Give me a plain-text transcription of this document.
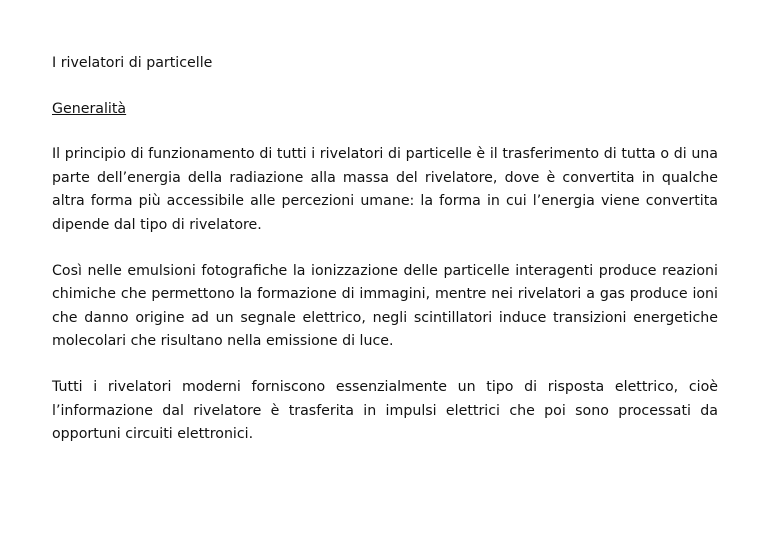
I rivelatori di particelle
Generalità

Il principio di funzionamento di tutti i rivelatori di particelle è il trasferimento di tutta o di una parte dell’energia della radiazione alla massa del rivelatore, dove è convertita in qualche altra forma più accessibile alle percezioni umane: la forma in cui l’energia viene convertita dipende dal tipo di rivelatore.

Così nelle emulsioni fotografiche la ionizzazione delle particelle interagenti produce reazioni chimiche che permettono la formazione di immagini, mentre nei rivelatori a gas produce ioni che danno origine ad un segnale elettrico, negli scintillatori induce transizioni energetiche molecolari che risultano nella emissione di luce.

Tutti i rivelatori moderni forniscono essenzialmente un tipo di risposta elettrico, cioè l’informazione dal rivelatore è trasferita in impulsi elettrici che poi sono processati da opportuni circuiti elettronici.
